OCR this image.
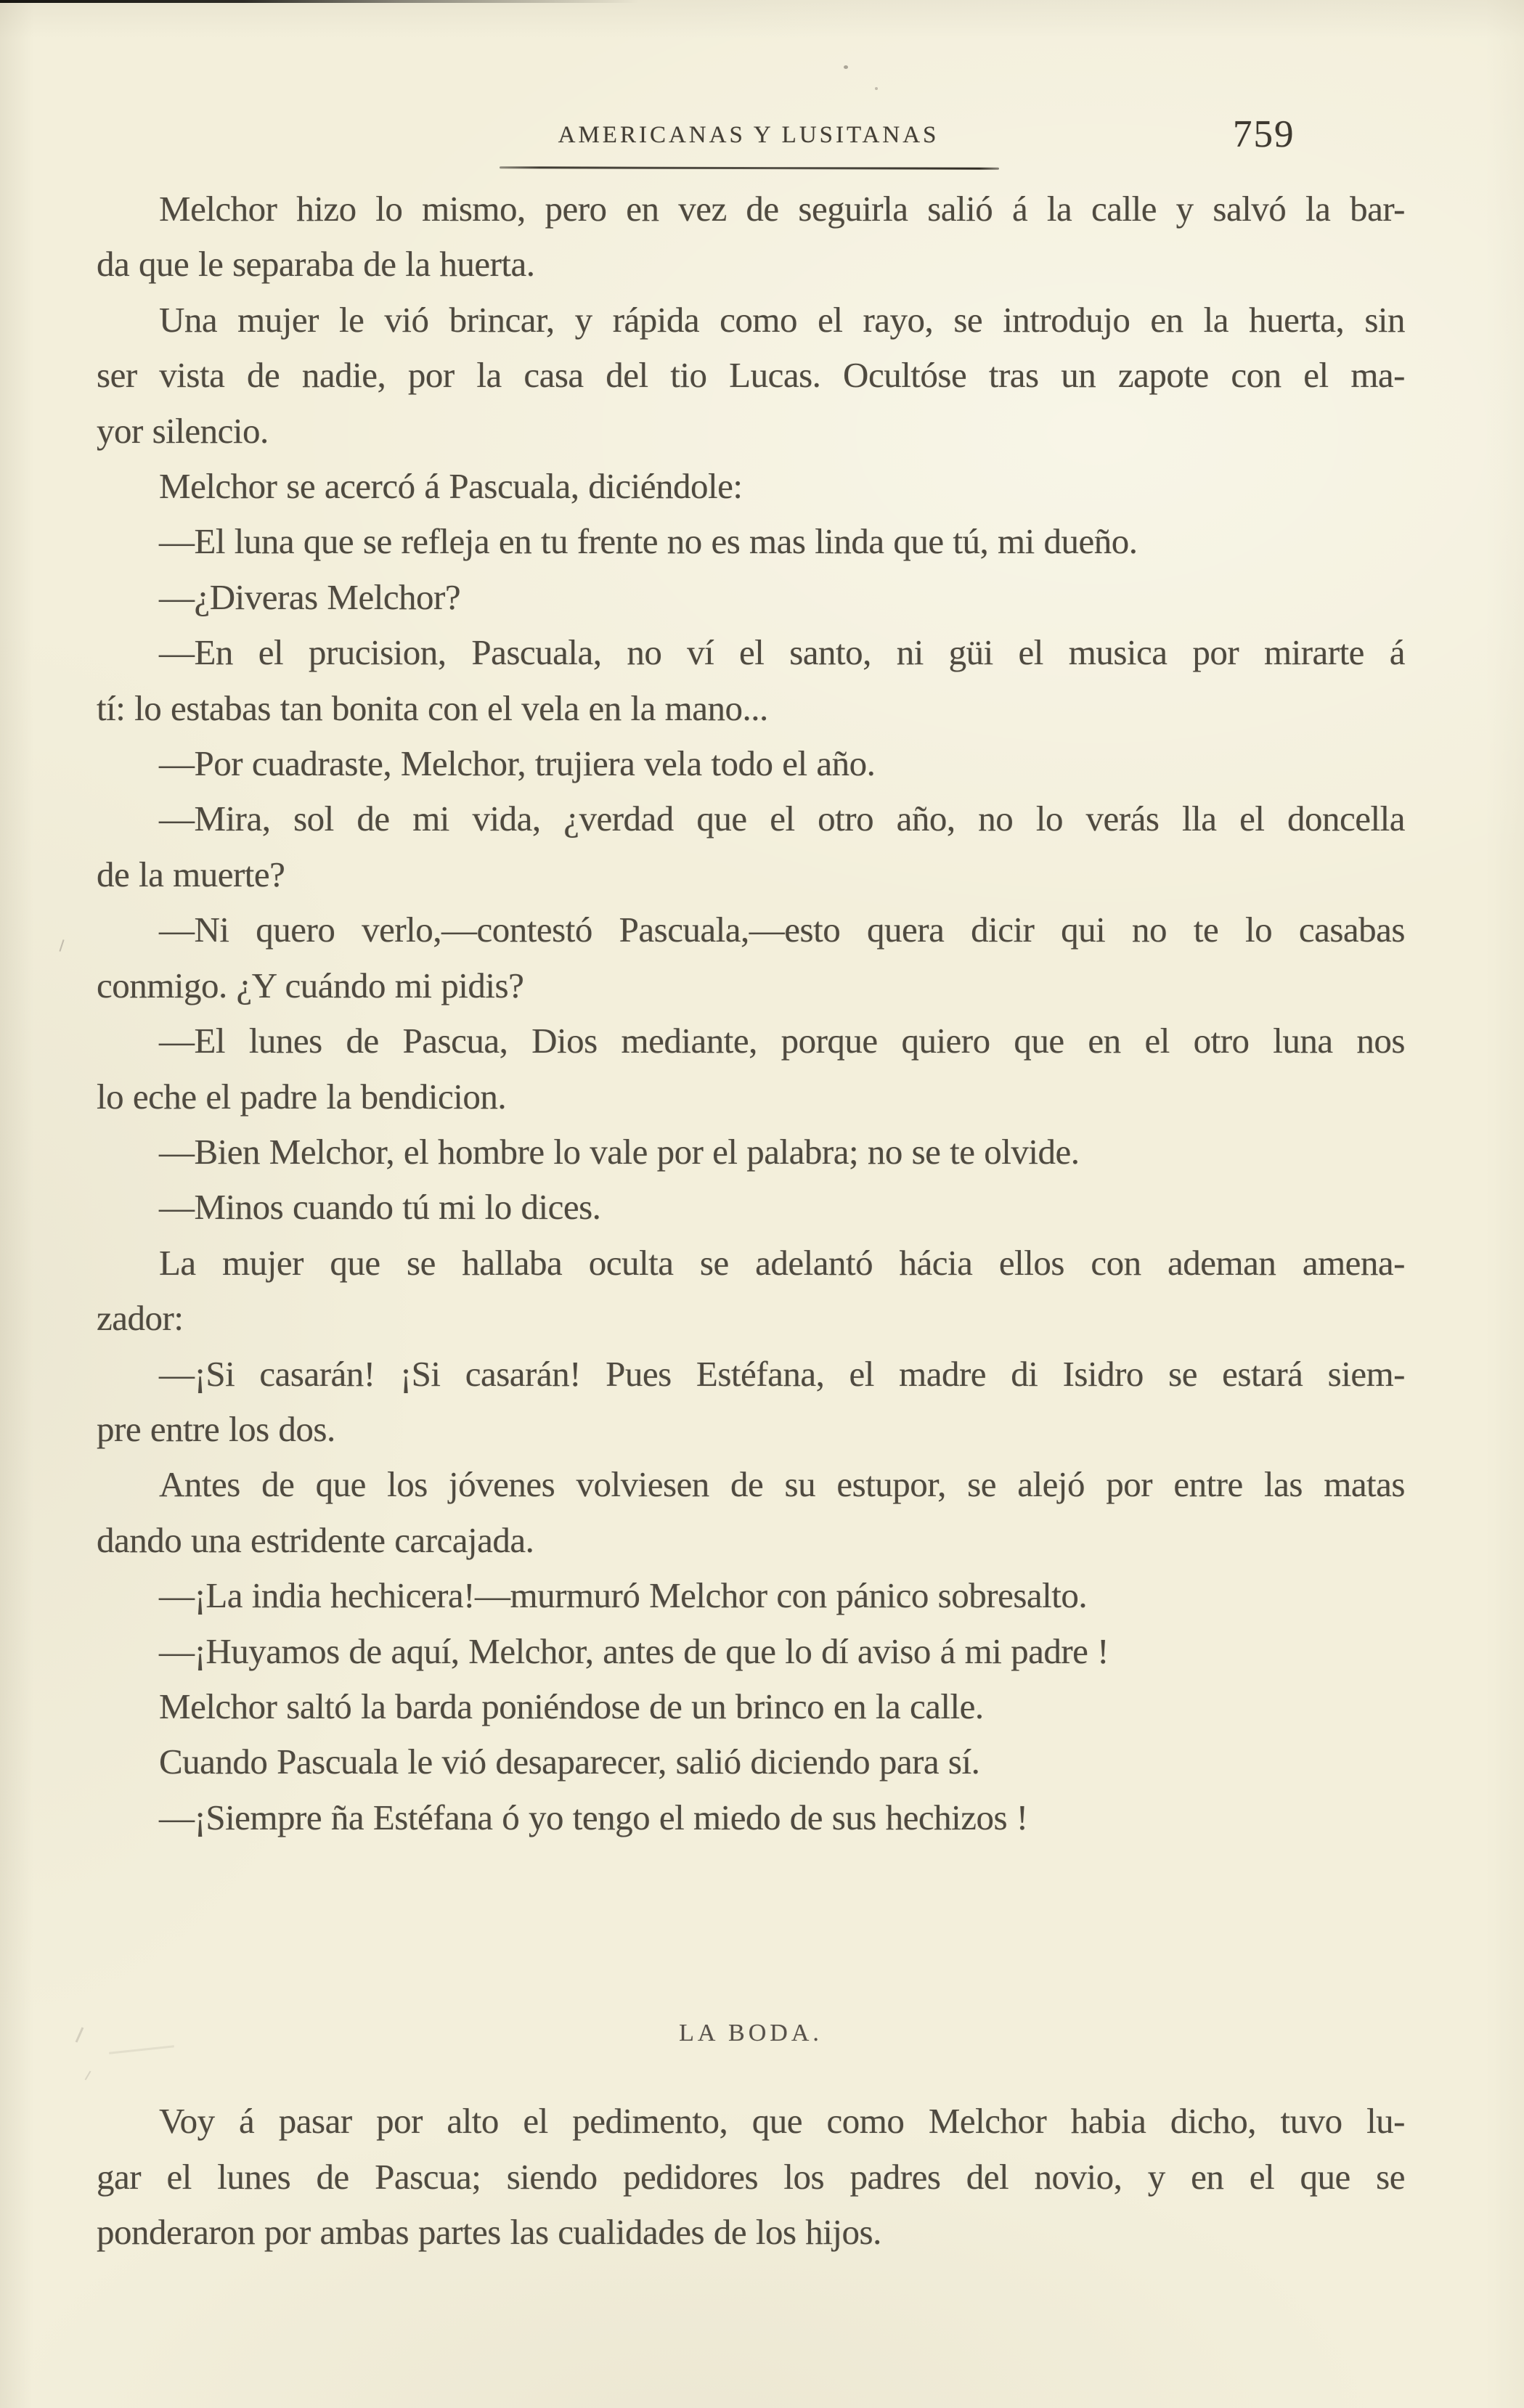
AMERICANAS Y LUSITANAS	759
Melchor hizo lo mismo, pero en vez de seguirla salió á la calle y salvó la bar-
da que le separaba de la huerta.
Una mujer le vió brincar, y rápida como el rayo, se introdujo en la huerta, sin
ser vista de nadie, por la casa del tio Lucas. Ocultóse tras un zapote con el ma-
yor silencio.
Melchor se acercó á Pascuala, diciéndole:
—El luna que se refleja en tu frente no es mas linda que tú, mi dueño.
—¿Diveras Melchor?
—En el prucision, Pascuala, no ví el santo, ni güi el musica por mirarte á
tí: lo estabas tan bonita con el vela en la mano...
—Por cuadraste, Melchor, trujiera vela todo el año.
—Mira, sol de mi vida, ¿verdad que el otro año, no lo verás lla el doncella
de la muerte?
—Ni quero verlo,—contestó Pascuala,—esto quera dicir qui no te lo casabas
conmigo. ¿Y cuándo mi pidis?
—El lunes de Pascua, Dios mediante, porque quiero que en el otro luna nos
lo eche el padre la bendicion.
—Bien Melchor, el hombre lo vale por el palabra; no se te olvide.
—Minos cuando tú mi lo dices.
La mujer que se hallaba oculta se adelantó hácia ellos con ademan amena-
zador:
—¡Si casarán! ¡Si casarán! Pues Estéfana, el madre di Isidro se estará siem-
pre entre los dos.
Antes de que los jóvenes volviesen de su estupor, se alejó por entre las matas
dando una estridente carcajada.
—¡La india hechicera!—murmuró Melchor con pánico sobresalto.
—¡Huyamos de aquí, Melchor, antes de que lo dí aviso á mi padre !
Melchor saltó la barda poniéndose de un brinco en la calle.
Cuando Pascuala le vió desaparecer, salió diciendo para sí.
—¡Siempre ña Estéfana ó yo tengo el miedo de sus hechizos !
LA BODA.
Voy á pasar por alto el pedimento, que como Melchor habia dicho, tuvo lu-
gar el lunes de Pascua; siendo pedidores los padres del novio, y en el que se
ponderaron por ambas partes las cualidades de los hijos.
